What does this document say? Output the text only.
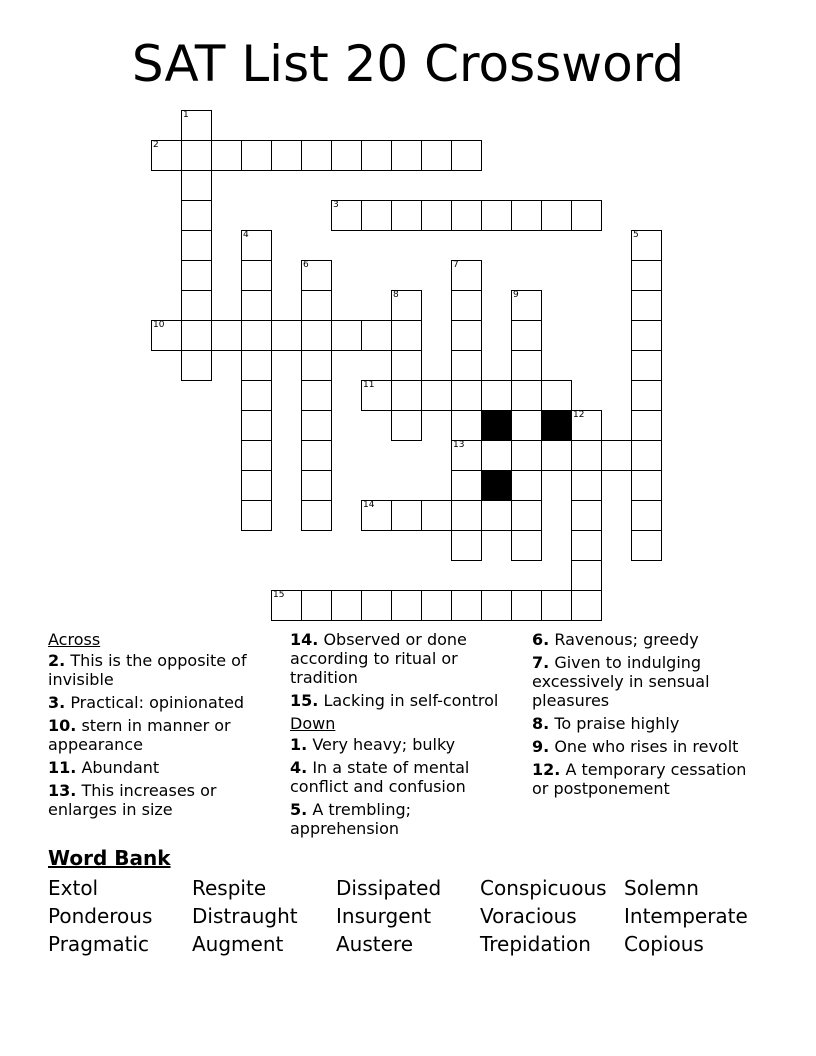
SAT List 20 Crossword
1
2
3
4	5
6	7
13
8	9
10
11
12
14
15
Across
2. This is the opposite of invisible
3. Practical: opinionated
10. stern in manner or appearance
11. Abundant
13. This increases or enlarges in size
14. Observed or done according to ritual or tradition
15. Lacking in self-control
Down
1. Very heavy; bulky
4. In a state of mental conflict and confusion
5. A trembling; apprehension
6. Ravenous; greedy
7. Given to indulging excessively in sensual pleasures
8. To praise highly
9. One who rises in revolt
12. A temporary cessation or postponement
Word Bank
Extol	Respite	Dissipated Conspicuous Solemn
Ponderous Distraught Insurgent Voracious Intemperate
Pragmatic Augment	Austere	Trepidation Copious
